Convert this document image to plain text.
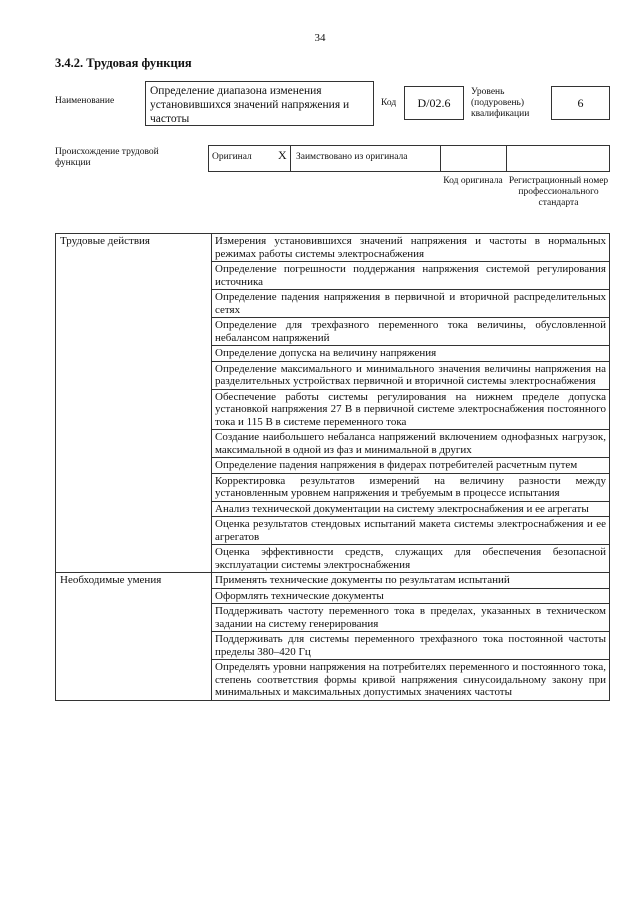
34
3.4.2. Трудовая функция
Наименование
Определение диапазона изменения установившихся значений напряжения и частоты
Код	D/02.6
Уровень (подуровень) квалификации
6
Происхождение трудовой функции
Оригинал X Заимствовано из оригинала
Код оригинала Регистрационный номер профессионального стандарта
Трудовые действия	Измерения установившихся значений напряжения и частоты в нормальных режимах работы системы электроснабжения
	Определение погрешности поддержания напряжения системой регулирования источника
	Определение падения напряжения в первичной и вторичной распределительных сетях
	Определение для трехфазного переменного тока величины, обусловленной небалансом напряжений
	Определение допуска на величину напряжения
	Определение максимального и минимального значения величины напряжения на разделительных устройствах первичной и вторичной системы электроснабжения
	Обеспечение работы системы регулирования на нижнем пределе допуска установкой напряжения 27 В в первичной системе электроснабжения постоянного тока и 115 В в системе переменного тока
	Создание наибольшего небаланса напряжений включением однофазных нагрузок, максимальной в одной из фаз и минимальной в других
	Определение падения напряжения в фидерах потребителей расчетным путем
	Корректировка результатов измерений на величину разности между установленным уровнем напряжения и требуемым в процессе испытания
	Анализ технической документации на систему электроснабжения и ее агрегаты
	Оценка результатов стендовых испытаний макета системы электроснабжения и ее агрегатов
	Оценка эффективности средств, служащих для обеспечения безопасной эксплуатации системы электроснабжения
Необходимые умения	Применять технические документы по результатам испытаний
	Оформлять технические документы
	Поддерживать частоту переменного тока в пределах, указанных в техническом задании на систему генерирования
	Поддерживать для системы переменного трехфазного тока постоянной частоты пределы 380–420 Гц
	Определять уровни напряжения на потребителях переменного и постоянного тока, степень соответствия формы кривой напряжения синусоидальному закону при минимальных и максимальных допустимых значениях частоты
